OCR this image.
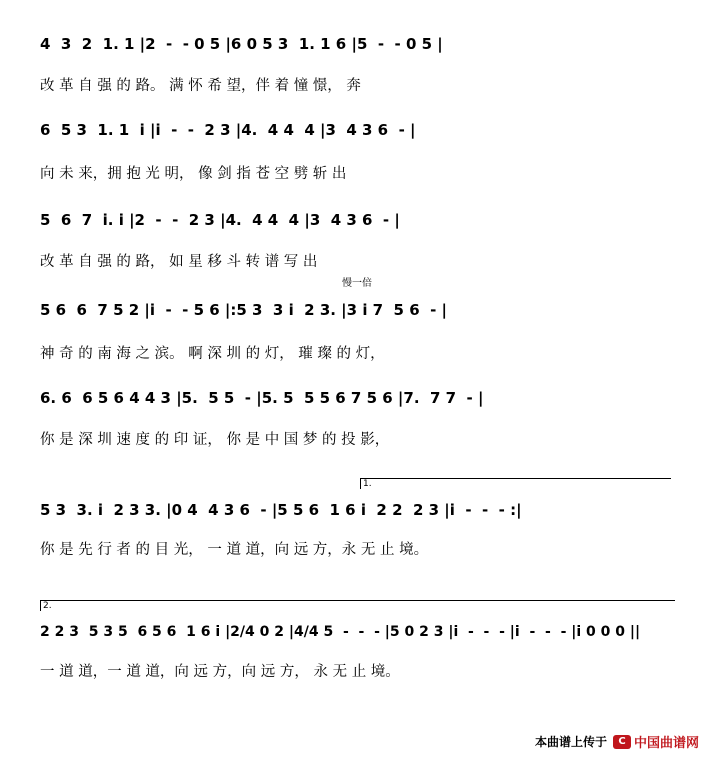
4  3  2  1. 1 |2  -  - 0 5 |6 0 5 3  1. 1 6 |5  -  - 0 5 |
改 革 自 强 的 路。 满 怀 希 望，伴 着 憧 憬， 奔
6  5 3  1. 1  i |i  -  -  2 3 |4.  4 4  4 |3  4 3 6  - |
向 未 来，拥 抱 光 明， 像 剑 指 苍 空 劈 斩 出
5  6  7  i. i |2  -  -  2 3 |4.  4 4  4 |3  4 3 6  - |
改 革 自 强 的 路， 如 星 移 斗 转 谱 写 出
慢一倍
5 6  6  7 5 2 |i  -  - 5 6 |:5 3  3 i  2 3. |3 i 7  5 6  - |
神 奇 的 南 海 之 滨。 啊 深 圳 的 灯， 璀 璨 的 灯，
6. 6  6 5 6 4 4 3 |5.  5 5  - |5. 5  5 5 6 7 5 6 |7.  7 7  - |
你 是 深 圳 速 度 的 印 证， 你 是 中 国 梦 的 投 影，
1.
5 3  3. i  2 3 3. |0 4  4 3 6  - |5 5 6  1 6 i  2 2  2 3 |i  -  -  - :|
你 是 先 行 者 的 目 光， 一 道 道，向 远 方，永 无 止 境。
2.
2 2 3  5 3 5  6 5 6  1 6 i |2/4 0 2 |4/4 5  -  -  - |5 0 2 3 |i  -  -  - |i  -  -  - |i 0 0 0 ||
一 道 道，一 道 道，向 远 方，向 远 方， 永 无 止 境。
本曲谱上传于	C 中国曲谱网
